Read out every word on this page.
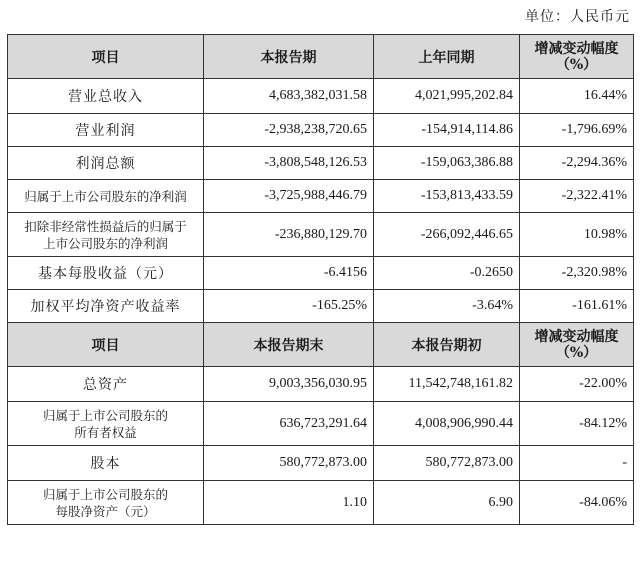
单位：人民币元
项目	本报告期	上年同期	增减变动幅度
（%）
营业总收入	4,683,382,031.58	4,021,995,202.84	16.44%
营业利润	-2,938,238,720.65	-154,914,114.86	-1,796.69%
利润总额	-3,808,548,126.53	-159,063,386.88	-2,294.36%
归属于上市公司股东的净利润	-3,725,988,446.79	-153,813,433.59	-2,322.41%
扣除非经常性损益后的归属于
上市公司股东的净利润	-236,880,129.70	-266,092,446.65	10.98%
基本每股收益（元）	-6.4156	-0.2650	-2,320.98%
加权平均净资产收益率	-165.25%	-3.64%	-161.61%
项目	本报告期末	本报告期初	增减变动幅度
（%）
总资产	9,003,356,030.95	11,542,748,161.82	-22.00%
归属于上市公司股东的
所有者权益	636,723,291.64	4,008,906,990.44	-84.12%
股本	580,772,873.00	580,772,873.00	-
归属于上市公司股东的
每股净资产（元）	1.10	6.90	-84.06%
